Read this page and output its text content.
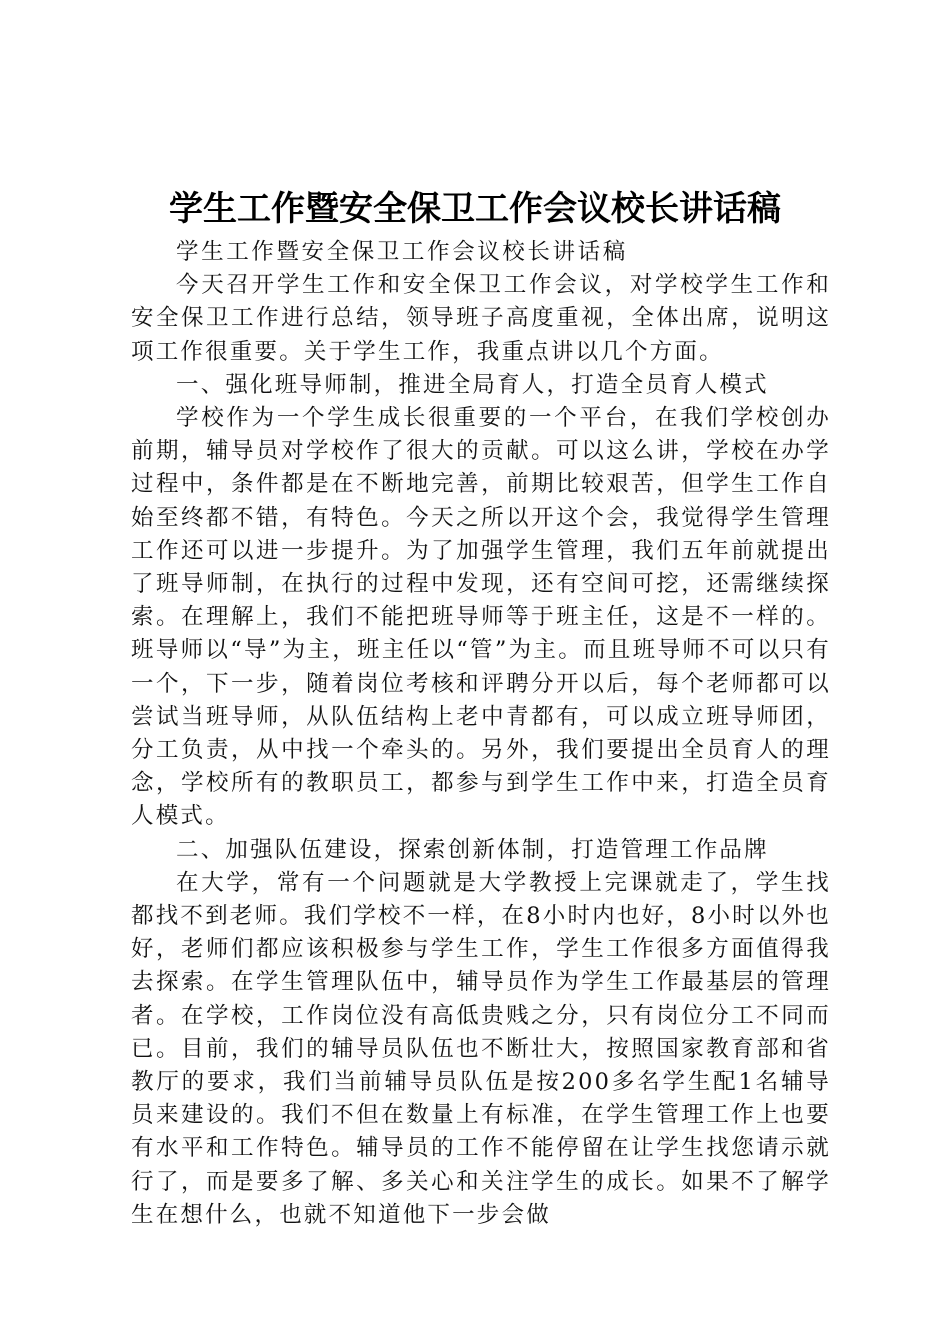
学生工作暨安全保卫工作会议校长讲话稿

学生工作暨安全保卫工作会议校长讲话稿

今天召开学生工作和安全保卫工作会议，对学校学生工作和安全保卫工作进行总结，领导班子高度重视，全体出席，说明这项工作很重要。关于学生工作，我重点讲以几个方面。

一、强化班导师制，推进全局育人，打造全员育人模式

学校作为一个学生成长很重要的一个平台，在我们学校创办前期，辅导员对学校作了很大的贡献。可以这么讲，学校在办学过程中，条件都是在不断地完善，前期比较艰苦，但学生工作自始至终都不错，有特色。今天之所以开这个会，我觉得学生管理工作还可以进一步提升。为了加强学生管理，我们五年前就提出了班导师制，在执行的过程中发现，还有空间可挖，还需继续探索。在理解上，我们不能把班导师等于班主任，这是不一样的。班导师以“导”为主，班主任以“管”为主。而且班导师不可以只有一个，下一步，随着岗位考核和评聘分开以后，每个老师都可以尝试当班导师，从队伍结构上老中青都有，可以成立班导师团，分工负责，从中找一个牵头的。另外，我们要提出全员育人的理念，学校所有的教职员工，都参与到学生工作中来，打造全员育人模式。

二、加强队伍建设，探索创新体制，打造管理工作品牌

在大学，常有一个问题就是大学教授上完课就走了，学生找都找不到老师。我们学校不一样，在8小时内也好，8小时以外也好，老师们都应该积极参与学生工作，学生工作很多方面值得我去探索。在学生管理队伍中，辅导员作为学生工作最基层的管理者。在学校，工作岗位没有高低贵贱之分，只有岗位分工不同而已。目前，我们的辅导员队伍也不断壮大，按照国家教育部和省教厅的要求，我们当前辅导员队伍是按200多名学生配1名辅导员来建设的。我们不但在数量上有标准，在学生管理工作上也要有水平和工作特色。辅导员的工作不能停留在让学生找您请示就行了，而是要多了解、多关心和关注学生的成长。如果不了解学生在想什么，也就不知道他下一步会做
